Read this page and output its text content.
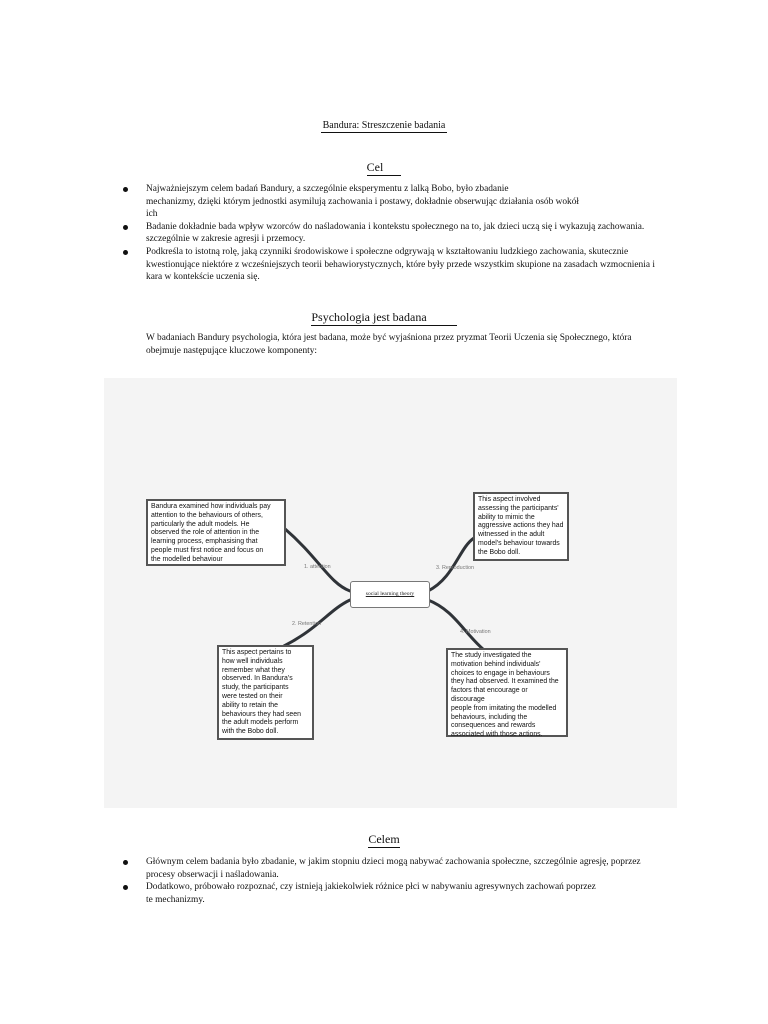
Bandura: Streszczenie badania
Cel
Najważniejszym celem badań Bandury, a szczególnie eksperymentu z lalką Bobo, było zbadanie
mechanizmy, dzięki którym jednostki asymilują zachowania i postawy, dokładnie obserwując działania osób wokół
ich
Badanie dokładnie bada wpływ wzorców do naśladowania i kontekstu społecznego na to, jak dzieci uczą się i wykazują zachowania.
szczególnie w zakresie agresji i przemocy.
Podkreśla to istotną rolę, jaką czynniki środowiskowe i społeczne odgrywają w kształtowaniu ludzkiego zachowania, skutecznie
kwestionujące niektóre z wcześniejszych teorii behawiorystycznych, które były przede wszystkim skupione na zasadach wzmocnienia i
kara w kontekście uczenia się.
Psychologia jest badana
W badaniach Bandury psychologia, która jest badana, może być wyjaśniona przez pryzmat Teorii Uczenia się Społecznego, która
obejmuje następujące kluczowe komponenty:
social learning theory
1. attention
2. Retention
3. Reproduction
4. Motivation
Bandura examined how individuals pay
attention to the behaviours of others,
particularly the adult models. He
observed the role of attention in the
learning process, emphasising that
people must first notice and focus on
the modelled behaviour
This aspect involved
assessing the participants'
ability to mimic the
aggressive actions they had
witnessed in the adult
model's behaviour towards
the Bobo doll.
This aspect pertains to
how well individuals
remember what they
observed. In Bandura's
study, the participants
were tested on their
ability to retain the
behaviours they had seen
the adult models perform
with the Bobo doll.
The study investigated the
motivation behind individuals'
choices to engage in behaviours
they had observed. It examined the
factors that encourage or discourage
people from imitating the modelled
behaviours, including the
consequences and rewards
associated with those actions.
Celem
Głównym celem badania było zbadanie, w jakim stopniu dzieci mogą nabywać zachowania społeczne, szczególnie agresję, poprzez
procesy obserwacji i naśladowania.
Dodatkowo, próbowało rozpoznać, czy istnieją jakiekolwiek różnice płci w nabywaniu agresywnych zachowań poprzez
te mechanizmy.
